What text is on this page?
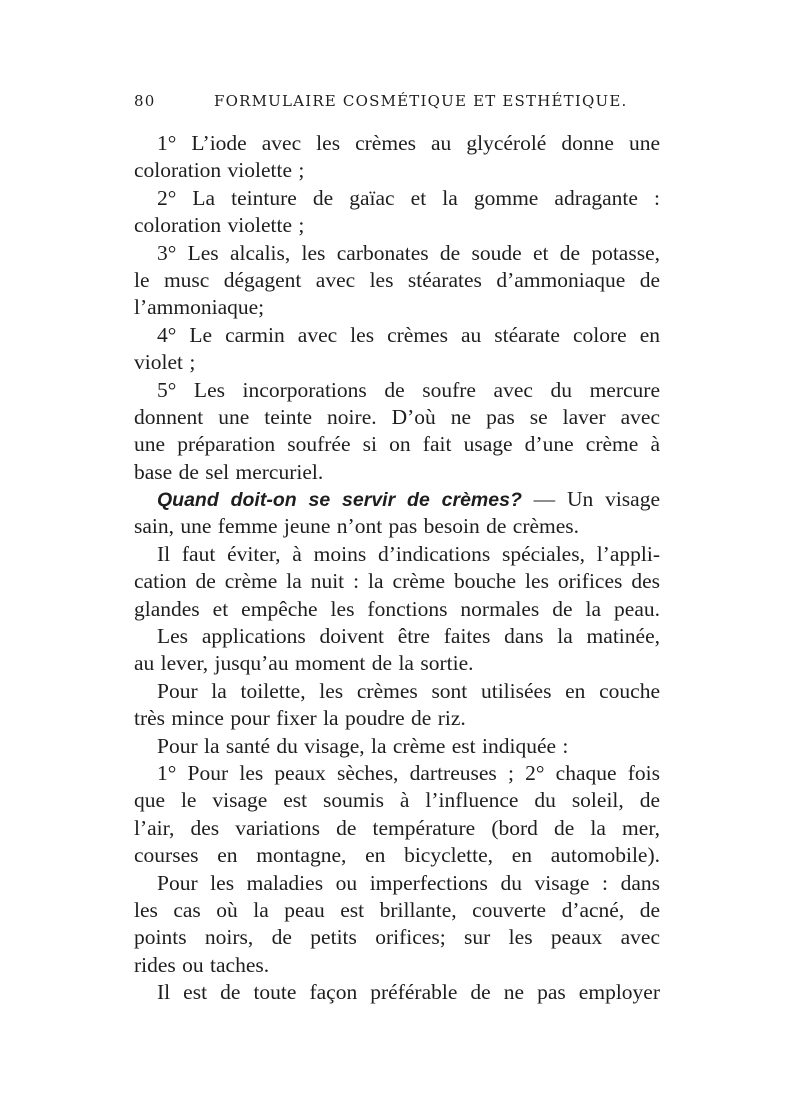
80	FORMULAIRE COSMÉTIQUE ET ESTHÉTIQUE.
1° L’iode avec les crèmes au glycérolé donne une
coloration violette ;
2° La teinture de gaïac et la gomme adragante :
coloration violette ;
3° Les alcalis, les carbonates de soude et de potasse,
le musc dégagent avec les stéarates d’ammoniaque de
l’ammoniaque;
4° Le carmin avec les crèmes au stéarate colore en
violet ;
5° Les incorporations de soufre avec du mercure
donnent une teinte noire. D’où ne pas se laver avec
une préparation soufrée si on fait usage d’une crème à
base de sel mercuriel.
Quand doit-on se servir de crèmes? — Un visage
sain, une femme jeune n’ont pas besoin de crèmes.
Il faut éviter, à moins d’indications spéciales, l’appli-
cation de crème la nuit : la crème bouche les orifices des
glandes et empêche les fonctions normales de la peau.
Les applications doivent être faites dans la matinée,
au lever, jusqu’au moment de la sortie.
Pour la toilette, les crèmes sont utilisées en couche
très mince pour fixer la poudre de riz.
Pour la santé du visage, la crème est indiquée :
1° Pour les peaux sèches, dartreuses ; 2° chaque fois
que le visage est soumis à l’influence du soleil, de
l’air, des variations de température (bord de la mer,
courses en montagne, en bicyclette, en automobile).
Pour les maladies ou imperfections du visage : dans
les cas où la peau est brillante, couverte d’acné, de
points noirs, de petits orifices; sur les peaux avec
rides ou taches.
Il est de toute façon préférable de ne pas employer
